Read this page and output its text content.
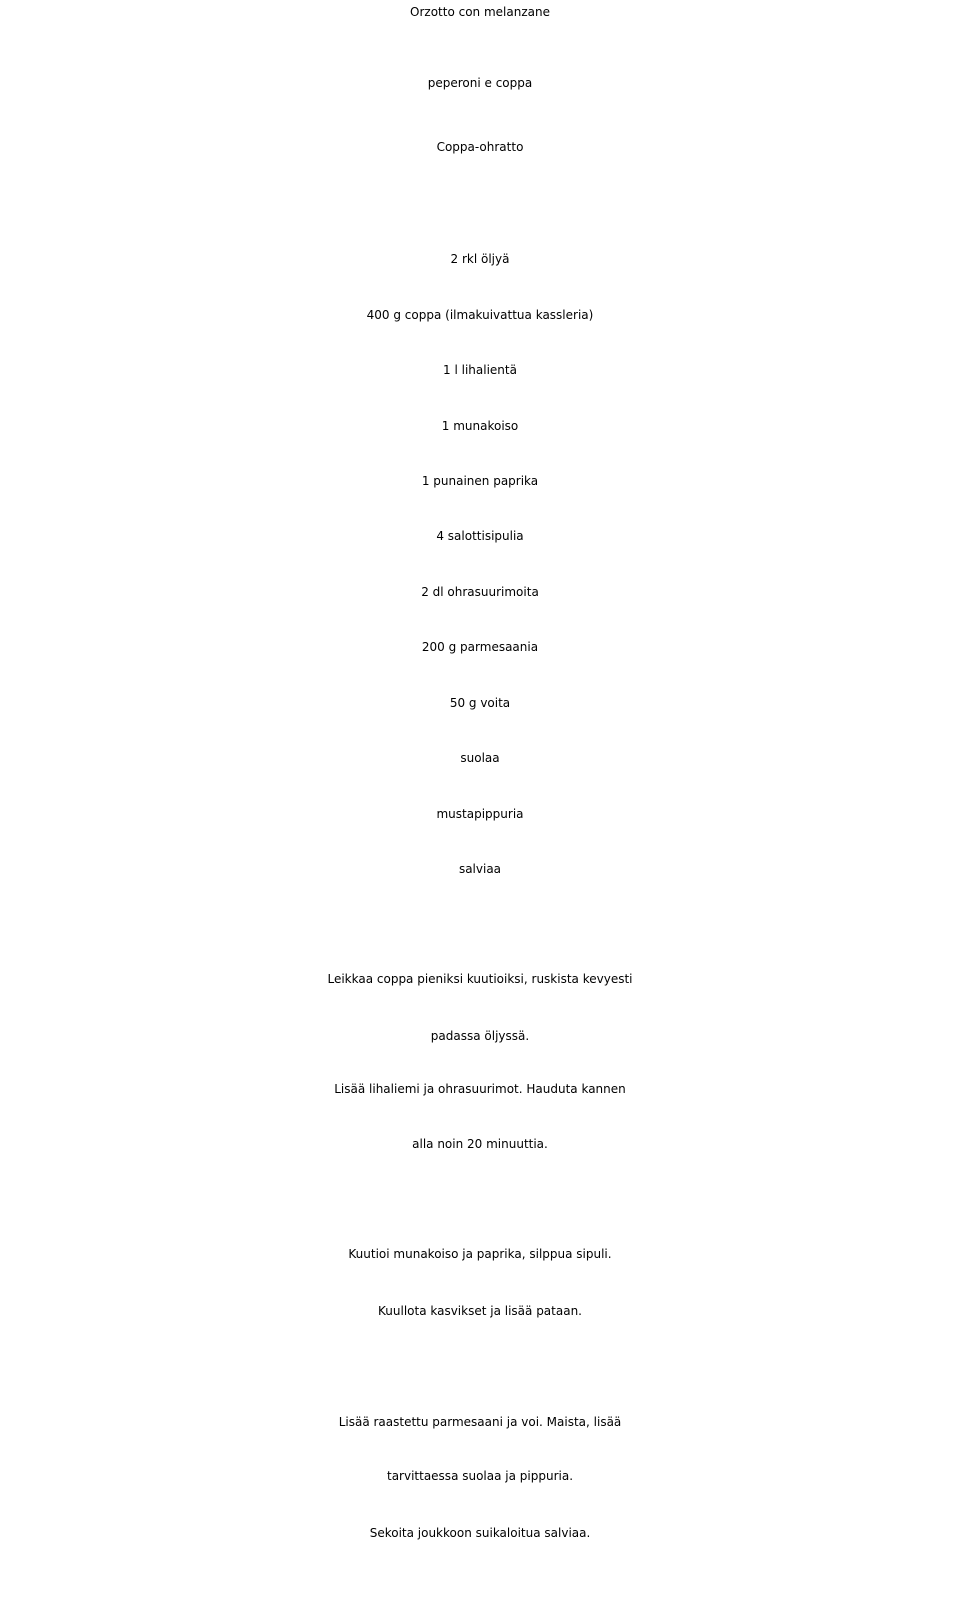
Orzotto con melanzane
peperoni e coppa
Coppa-ohratto
2 rkl öljyä
400 g coppa (ilmakuivattua kassleria)
1 l lihalientä
1 munakoiso
1 punainen paprika
4 salottisipulia
2 dl ohrasuurimoita
200 g parmesaania
50 g voita
suolaa
mustapippuria
salviaa
Leikkaa coppa pieniksi kuutioiksi, ruskista kevyesti
padassa öljyssä.
Lisää lihaliemi ja ohrasuurimot. Hauduta kannen
alla noin 20 minuuttia.
Kuutioi munakoiso ja paprika, silppua sipuli.
Kuullota kasvikset ja lisää pataan.
Lisää raastettu parmesaani ja voi. Maista, lisää
tarvittaessa suolaa ja pippuria.
Sekoita joukkoon suikaloitua salviaa.
